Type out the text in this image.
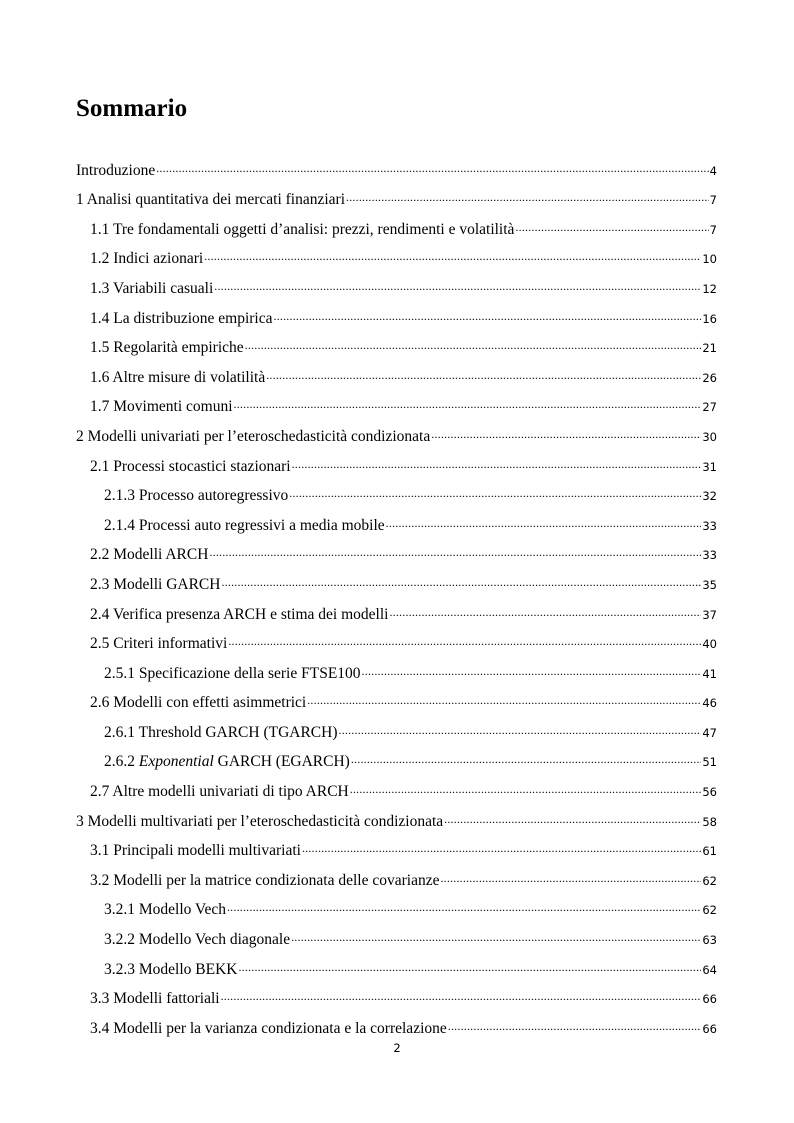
Sommario
Introduzione .....	4
1 Analisi quantitativa dei mercati finanziari .....	7
1.1 Tre fondamentali oggetti d’analisi: prezzi, rendimenti e volatilità .....	7
1.2 Indici azionari .....	10
1.3 Variabili casuali .....	12
1.4 La distribuzione empirica .....	16
1.5 Regolarità empiriche .....	21
1.6 Altre misure di volatilità .....	26
1.7 Movimenti comuni .....	27
2 Modelli univariati per l’eteroschedasticità condizionata .....	30
2.1 Processi stocastici stazionari .....	31
2.1.3 Processo autoregressivo .....	32
2.1.4 Processi auto regressivi a media mobile .....	33
2.2 Modelli ARCH .....	33
2.3 Modelli GARCH .....	35
2.4 Verifica presenza ARCH e stima dei modelli .....	37
2.5 Criteri informativi .....	40
2.5.1 Specificazione della serie FTSE100 .....	41
2.6 Modelli con effetti asimmetrici .....	46
2.6.1 Threshold GARCH (TGARCH) .....	47
2.6.2 Exponential GARCH (EGARCH) .....	51
2.7 Altre modelli univariati di tipo ARCH .....	56
3 Modelli multivariati per l’eteroschedasticità condizionata .....	58
3.1 Principali modelli multivariati .....	61
3.2 Modelli per la matrice condizionata delle covarianze .....	62
3.2.1 Modello Vech .....	62
3.2.2 Modello Vech diagonale .....	63
3.2.3 Modello BEKK .....	64
3.3 Modelli fattoriali .....	66
3.4 Modelli per la varianza condizionata e la correlazione .....	66
2
